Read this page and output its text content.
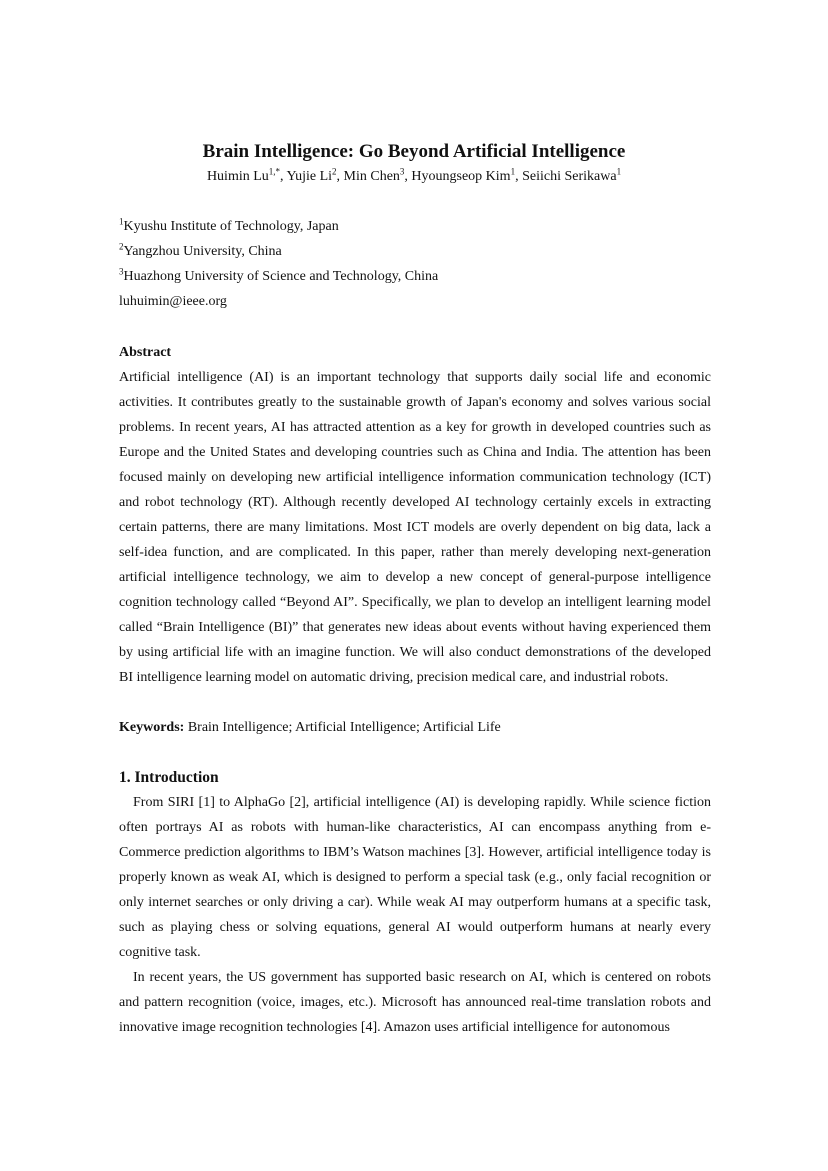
Brain Intelligence: Go Beyond Artificial Intelligence
Huimin $Lu^{1,*}$, Yujie Li$^2$, Min Chen$^3$, Hyoungseop Kim$^1$, Seiichi Serikawa$^1$
$^1$Kyushu Institute of Technology, Japan
$^2$Yangzhou University, China
$^3$Huazhong University of Science and Technology, China
luhuimin@ieee.org
Abstract
Artificial intelligence (AI) is an important technology that supports daily social life and economic activities. It contributes greatly to the sustainable growth of Japan's economy and solves various social problems. In recent years, AI has attracted attention as a key for growth in developed countries such as Europe and the United States and developing countries such as China and India. The attention has been focused mainly on developing new artificial intelligence information communication technology (ICT) and robot technology (RT). Although recently developed AI technology certainly excels in extracting certain patterns, there are many limitations. Most ICT models are overly dependent on big data, lack a self-idea function, and are complicated. In this paper, rather than merely developing next-generation artificial intelligence technology, we aim to develop a new concept of general-purpose intelligence cognition technology called “Beyond AI”. Specifically, we plan to develop an intelligent learning model called “Brain Intelligence (BI)” that generates new ideas about events without having experienced them by using artificial life with an imagine function. We will also conduct demonstrations of the developed BI intelligence learning model on automatic driving, precision medical care, and industrial robots.
Keywords: Brain Intelligence; Artificial Intelligence; Artificial Life
1. Introduction

From SIRI [1] to AlphaGo [2], artificial intelligence (AI) is developing rapidly. While science fiction often portrays AI as robots with human-like characteristics, AI can encompass anything from e-Commerce prediction algorithms to IBM’s Watson machines [3]. However, artificial intelligence today is properly known as weak AI, which is designed to perform a special task (e.g., only facial recognition or only internet searches or only driving a car). While weak AI may outperform humans at a specific task, such as playing chess or solving equations, general AI would outperform humans at nearly every cognitive task.

In recent years, the US government has supported basic research on AI, which is centered on robots and pattern recognition (voice, images, etc.). Microsoft has announced real-time translation robots and innovative image recognition technologies [4]. Amazon uses artificial intelligence for autonomous
